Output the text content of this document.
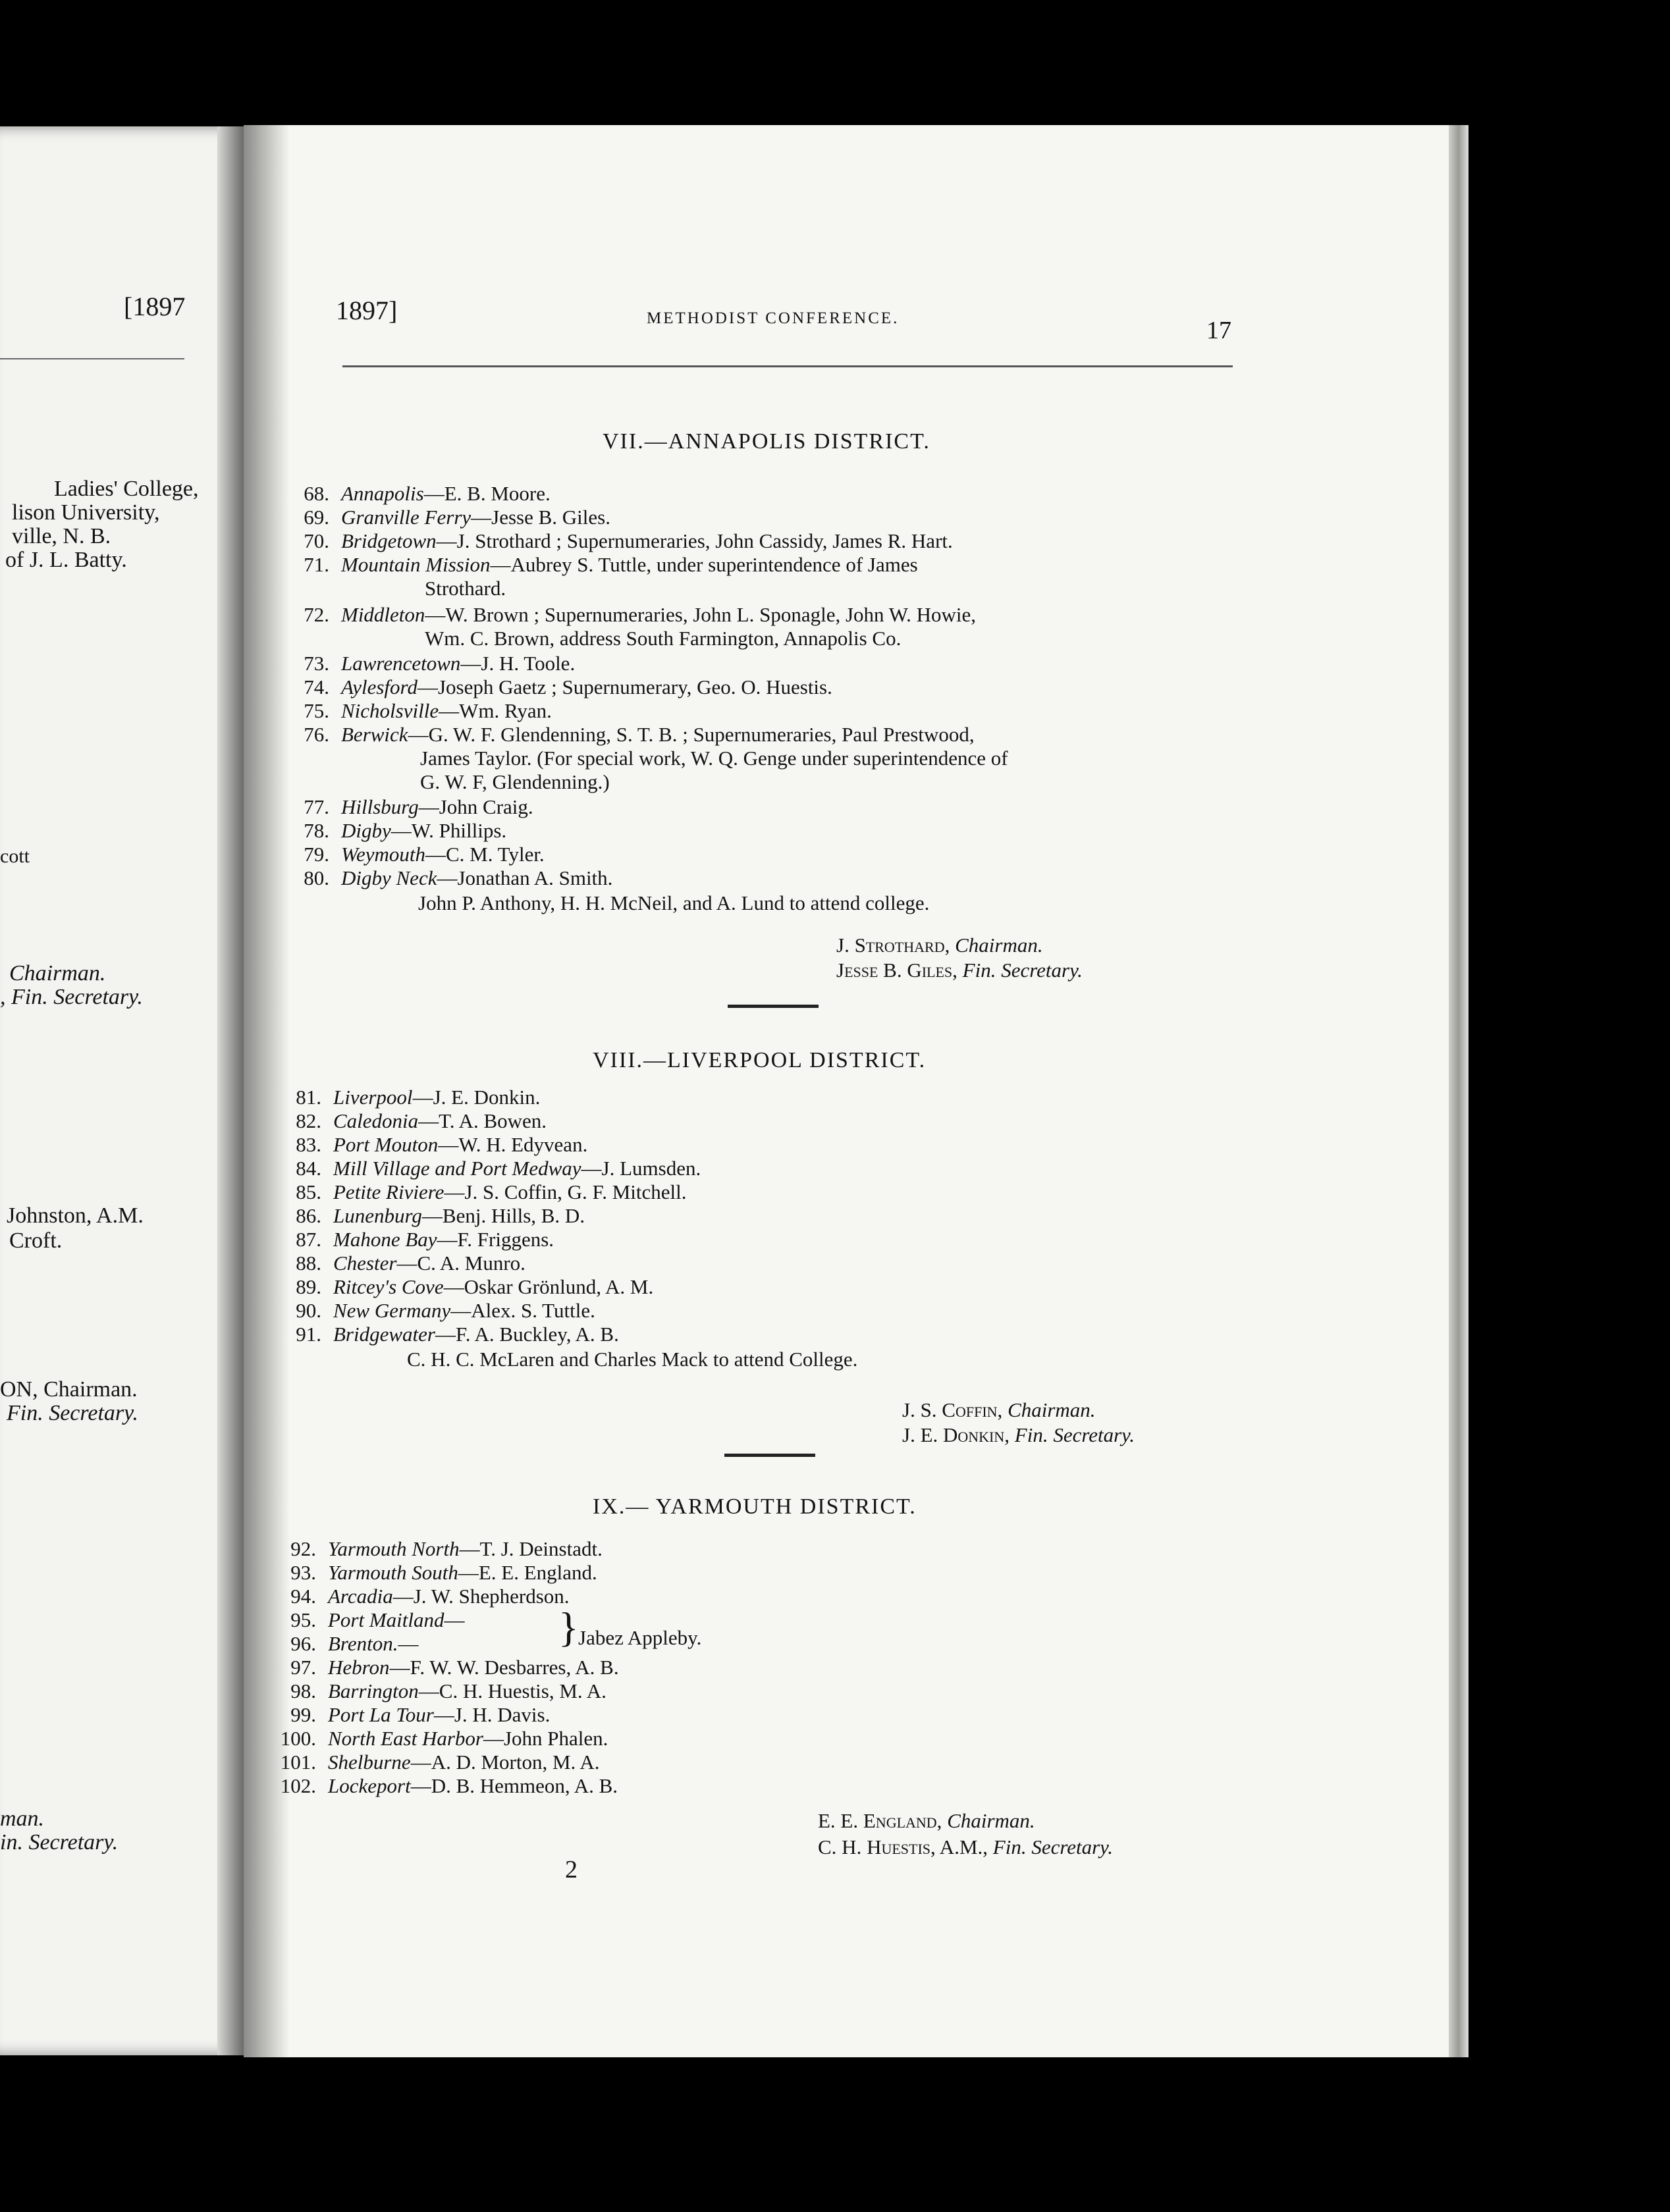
[1897
Ladies' College,
lison University,
ville, N. B.
of J. L. Batty.
cott
Chairman.
, Fin. Secretary.
Johnston, A.M.
Croft.
ON, Chairman.
Fin. Secretary.
man.
in. Secretary.
1897]	METHODIST CONFERENCE.	17
VII.—ANNAPOLIS DISTRICT.
68. Annapolis—E. B. Moore.
69. Granville Ferry—Jesse B. Giles.
70. Bridgetown—J. Strothard ; Supernumeraries, John Cassidy, James R. Hart.
71. Mountain Mission—Aubrey S. Tuttle, under superintendence of James
Strothard.
72. Middleton—W. Brown ; Supernumeraries, John L. Sponagle, John W. Howie,
Wm. C. Brown, address South Farmington, Annapolis Co.
73. Lawrencetown—J. H. Toole.
74. Aylesford—Joseph Gaetz ; Supernumerary, Geo. O. Huestis.
75. Nicholsville—Wm. Ryan.
76. Berwick—G. W. F. Glendenning, S. T. B. ; Supernumeraries, Paul Prestwood,
James Taylor. (For special work, W. Q. Genge under superintendence of
G. W. F, Glendenning.)
77. Hillsburg—John Craig.
78. Digby—W. Phillips.
79. Weymouth—C. M. Tyler.
80. Digby Neck—Jonathan A. Smith.
John P. Anthony, H. H. McNeil, and A. Lund to attend college.
J. Strothard, Chairman.
Jesse B. Giles, Fin. Secretary.
VIII.—LIVERPOOL DISTRICT.
81. Liverpool—J. E. Donkin.
82. Caledonia—T. A. Bowen.
83. Port Mouton—W. H. Edyvean.
84. Mill Village and Port Medway—J. Lumsden.
85. Petite Riviere—J. S. Coffin, G. F. Mitchell.
86. Lunenburg—Benj. Hills, B. D.
87. Mahone Bay—F. Friggens.
88. Chester—C. A. Munro.
89. Ritcey's Cove—Oskar Grönlund, A. M.
90. New Germany—Alex. S. Tuttle.
91. Bridgewater—F. A. Buckley, A. B.
C. H. C. McLaren and Charles Mack to attend College.
J. S. Coffin, Chairman.
J. E. Donkin, Fin. Secretary.
IX.— YARMOUTH DISTRICT.
92. Yarmouth North—T. J. Deinstadt.
93. Yarmouth South—E. E. England.
94. Arcadia—J. W. Shepherdson.
95. Port Maitland—
96. Brenton.—	} Jabez Appleby.
97. Hebron—F. W. W. Desbarres, A. B.
98. Barrington—C. H. Huestis, M. A.
99. Port La Tour—J. H. Davis.
100. North East Harbor—John Phalen.
101. Shelburne—A. D. Morton, M. A.
102. Lockeport—D. B. Hemmeon, A. B.
E. E. England, Chairman.
C. H. Huestis, A.M., Fin. Secretary.
2
